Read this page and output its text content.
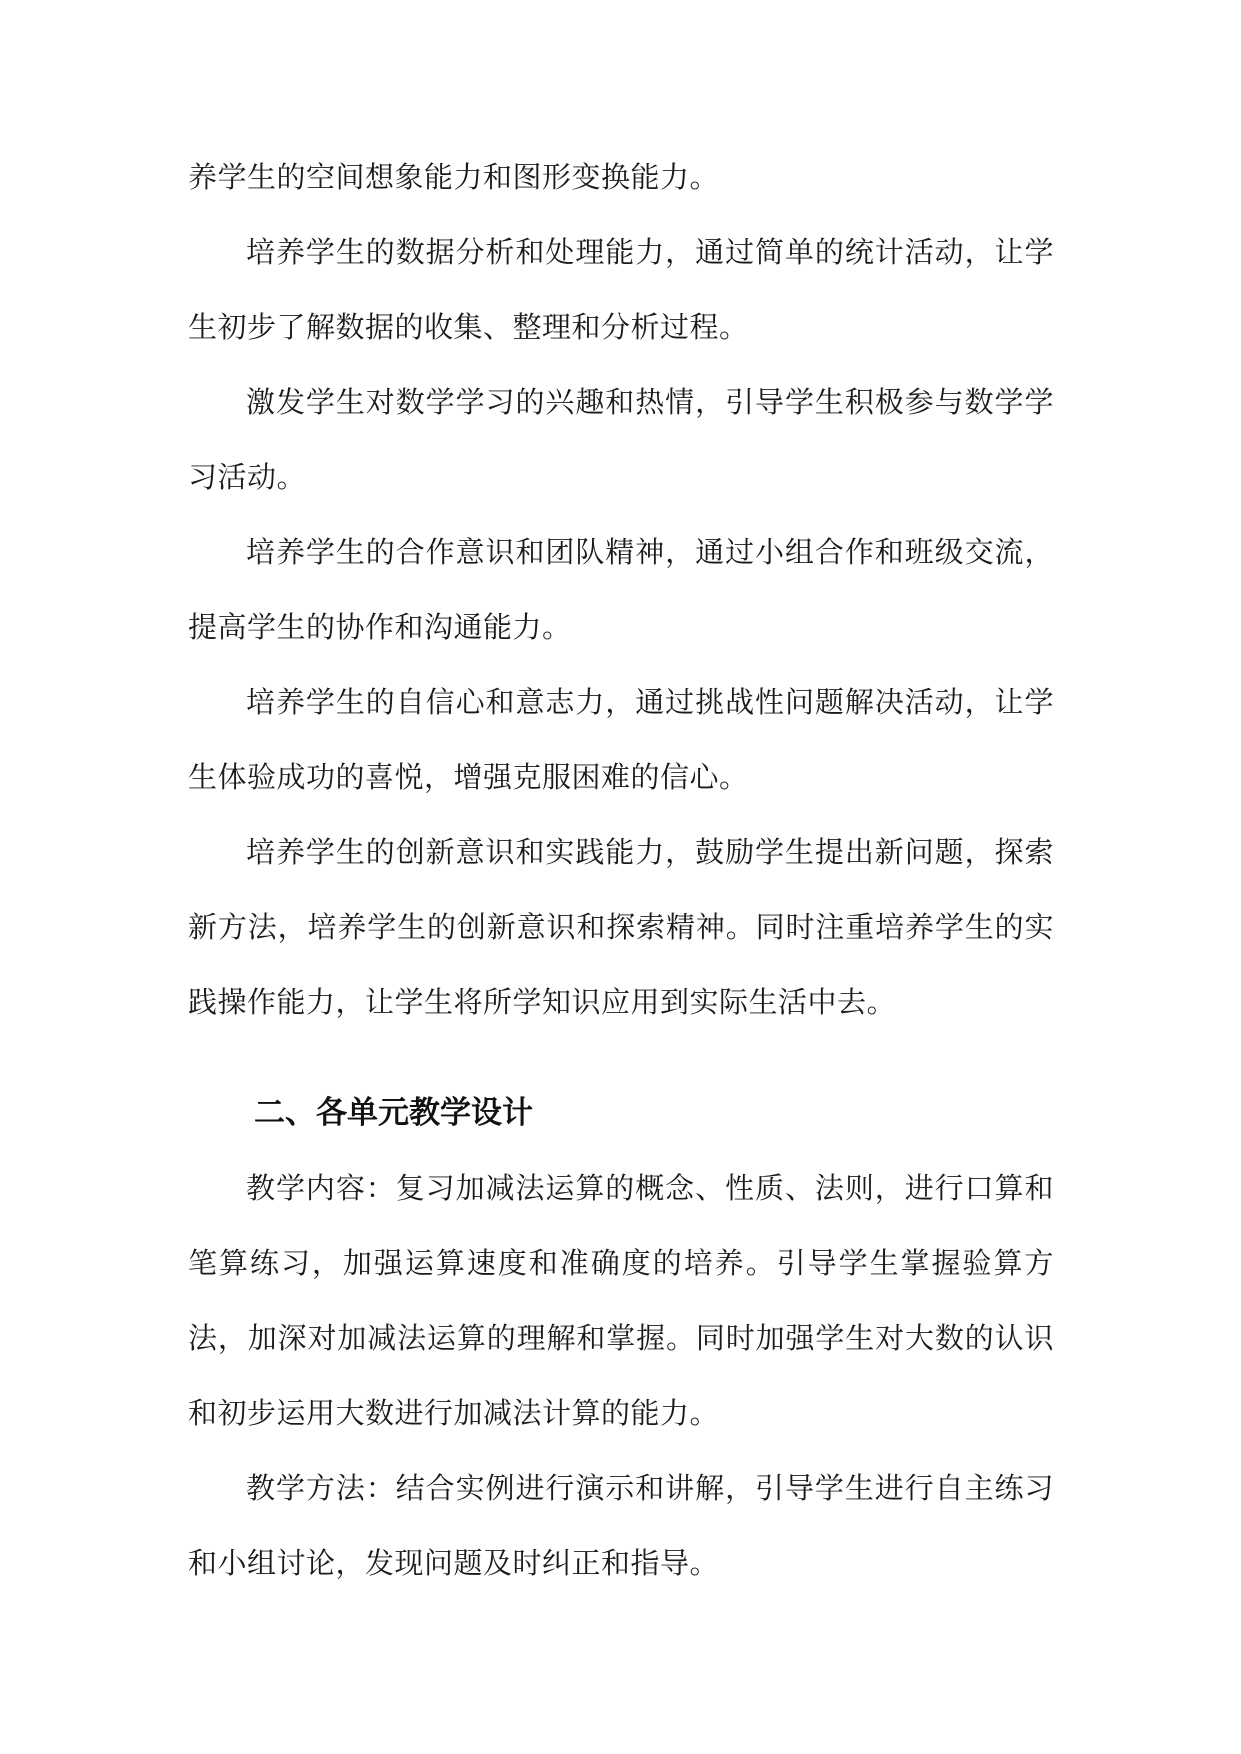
养学生的空间想象能力和图形变换能力。

培养学生的数据分析和处理能力，通过简单的统计活动，让学生初步了解数据的收集、整理和分析过程。

激发学生对数学学习的兴趣和热情，引导学生积极参与数学学习活动。

培养学生的合作意识和团队精神，通过小组合作和班级交流，提高学生的协作和沟通能力。

培养学生的自信心和意志力，通过挑战性问题解决活动，让学生体验成功的喜悦，增强克服困难的信心。

培养学生的创新意识和实践能力，鼓励学生提出新问题，探索新方法，培养学生的创新意识和探索精神。同时注重培养学生的实践操作能力，让学生将所学知识应用到实际生活中去。

二、各单元教学设计

教学内容：复习加减法运算的概念、性质、法则，进行口算和笔算练习，加强运算速度和准确度的培养。引导学生掌握验算方法，加深对加减法运算的理解和掌握。同时加强学生对大数的认识和初步运用大数进行加减法计算的能力。

教学方法：结合实例进行演示和讲解，引导学生进行自主练习和小组讨论，发现问题及时纠正和指导。
